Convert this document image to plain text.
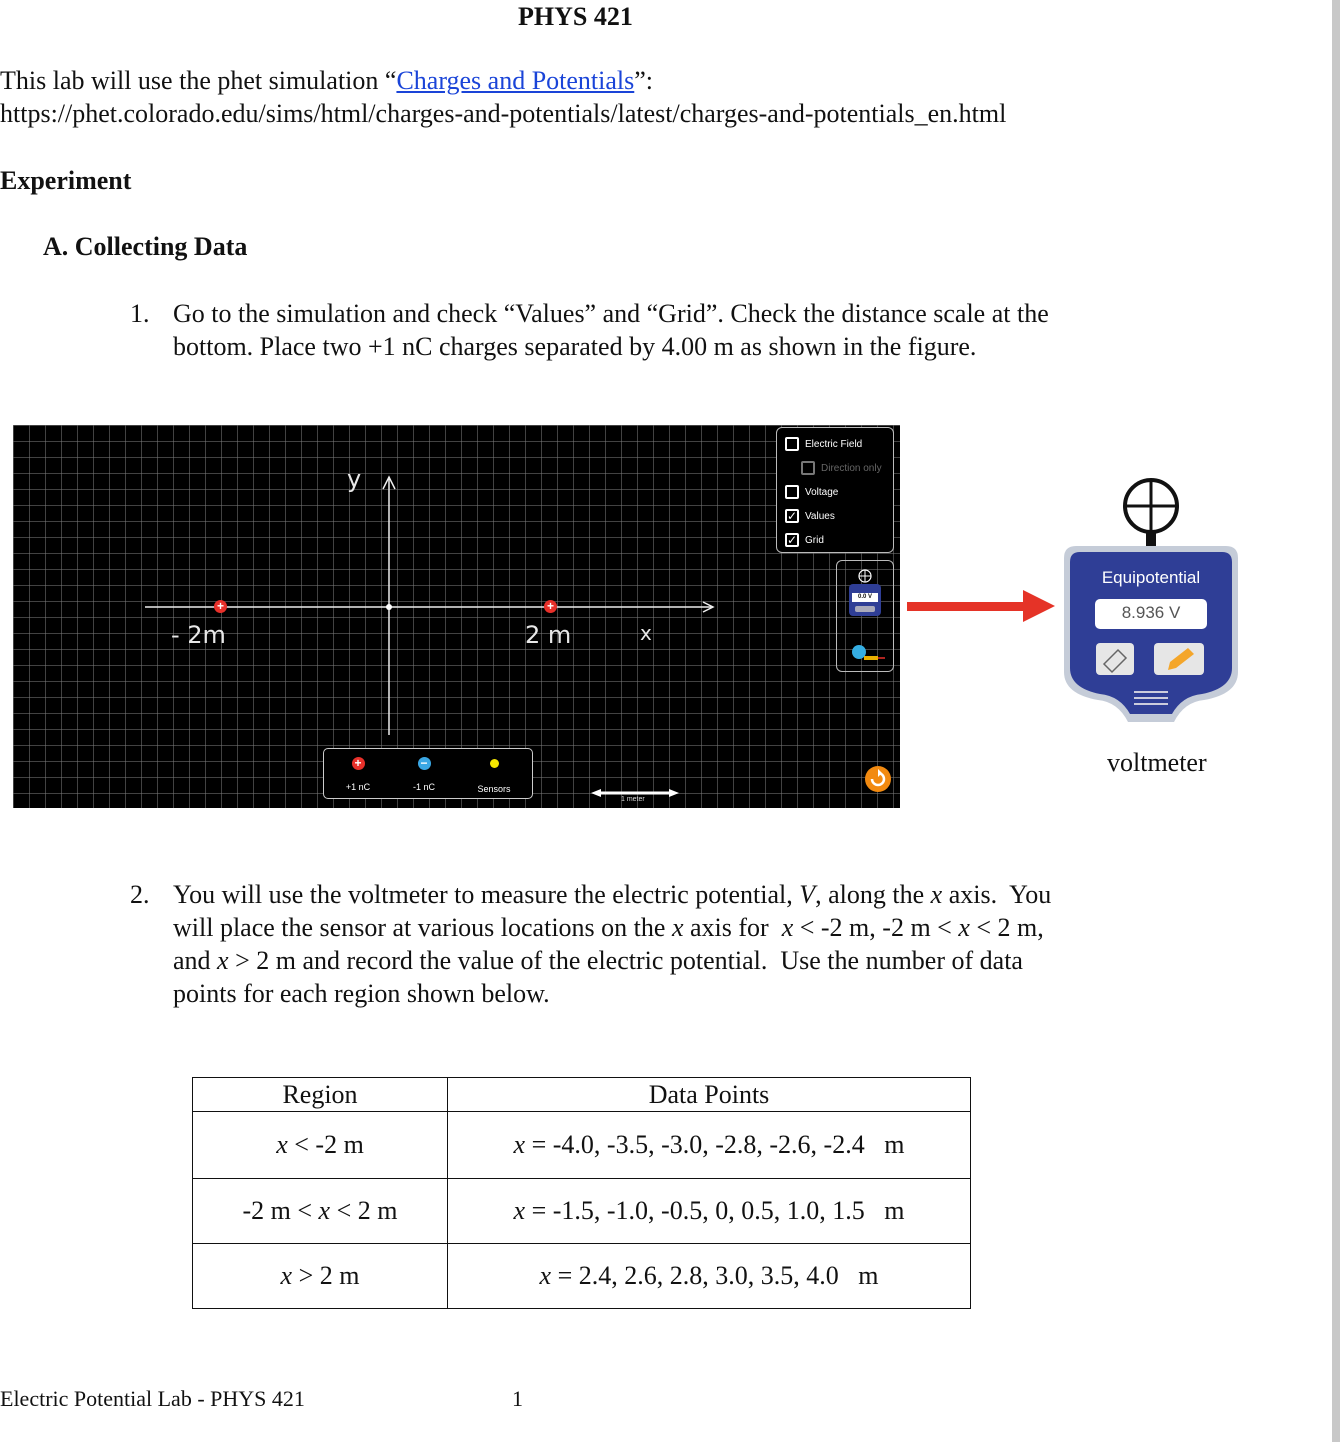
PHYS 421
This lab will use the phet simulation “Charges and Potentials”:
https://phet.colorado.edu/sims/html/charges-and-potentials/latest/charges-and-potentials_en.html
Experiment
A. Collecting Data
1. Go to the simulation and check “Values” and “Grid”. Check the distance scale at the
bottom. Place two +1 nC charges separated by 4.00 m as shown in the figure.
1 meter
+	+
y
- 2m	2 m	x
Electric Field
Direction only
Voltage
✓ Values
✓ Grid
0.0 V
+
+1 nC
−
-1 nC	Sensors
Equipotential
8.936 V
voltmeter
2. You will use the voltmeter to measure the electric potential, V, along the x axis.  You
will place the sensor at various locations on the x axis for  x < -2 m, -2 m < x < 2 m,
and x > 2 m and record the value of the electric potential.  Use the number of data
points for each region shown below.
Region	Data Points
x < -2 m	x = -4.0, -3.5, -3.0, -2.8, -2.6, -2.4   m
-2 m < x < 2 m	x = -1.5, -1.0, -0.5, 0, 0.5, 1.0, 1.5   m
x > 2 m	x = 2.4, 2.6, 2.8, 3.0, 3.5, 4.0   m
Electric Potential Lab - PHYS 421	1
